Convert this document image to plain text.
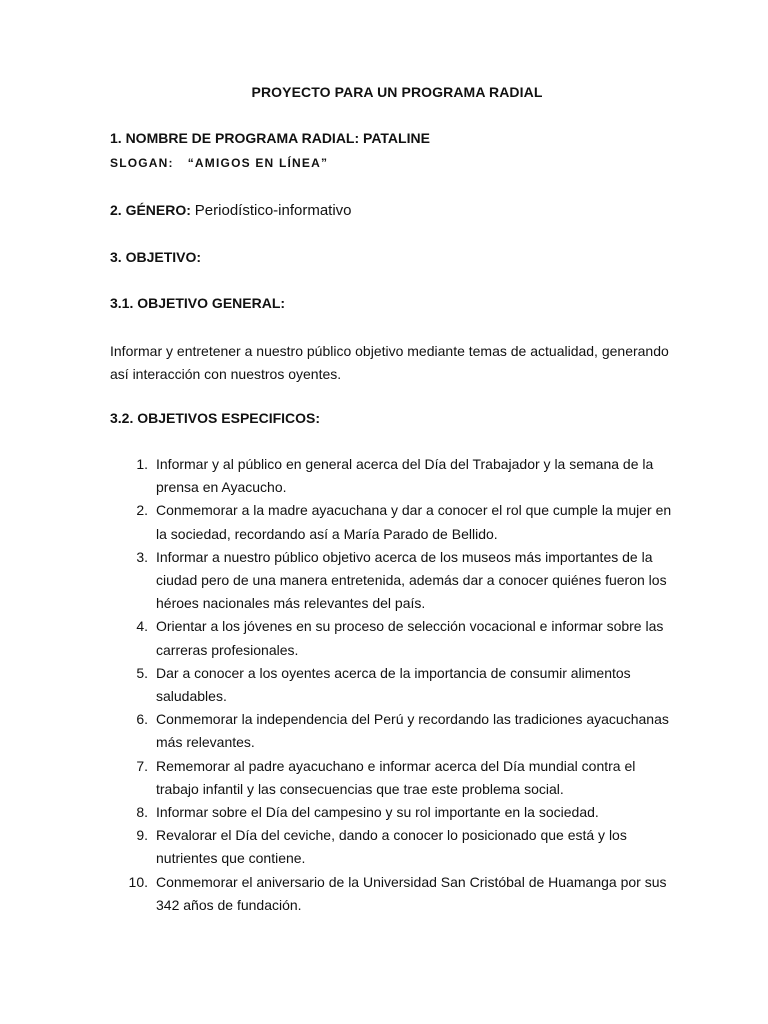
PROYECTO PARA UN PROGRAMA RADIAL
1. NOMBRE DE PROGRAMA RADIAL: PATALINE
SLOGAN: “AMIGOS EN LÍNEA”
2. GÉNERO: Periodístico-informativo
3. OBJETIVO:
3.1. OBJETIVO GENERAL:
Informar y entretener a nuestro público objetivo mediante temas de actualidad, generando
así interacción con nuestros oyentes.
3.2. OBJETIVOS ESPECIFICOS:
1. Informar y al público en general acerca del Día del Trabajador y la semana de la
prensa en Ayacucho.
2. Conmemorar a la madre ayacuchana y dar a conocer el rol que cumple la mujer en
la sociedad, recordando así a María Parado de Bellido.
3. Informar a nuestro público objetivo acerca de los museos más importantes de la
ciudad pero de una manera entretenida, además dar a conocer quiénes fueron los
héroes nacionales más relevantes del país.
4. Orientar a los jóvenes en su proceso de selección vocacional e informar sobre las
carreras profesionales.
5. Dar a conocer a los oyentes acerca de la importancia de consumir alimentos
saludables.
6. Conmemorar la independencia del Perú y recordando las tradiciones ayacuchanas
más relevantes.
7. Rememorar al padre ayacuchano e informar acerca del Día mundial contra el
trabajo infantil y las consecuencias que trae este problema social.
8. Informar sobre el Día del campesino y su rol importante en la sociedad.
9. Revalorar el Día del ceviche, dando a conocer lo posicionado que está y los
nutrientes que contiene.
10. Conmemorar el aniversario de la Universidad San Cristóbal de Huamanga por sus
342 años de fundación.
